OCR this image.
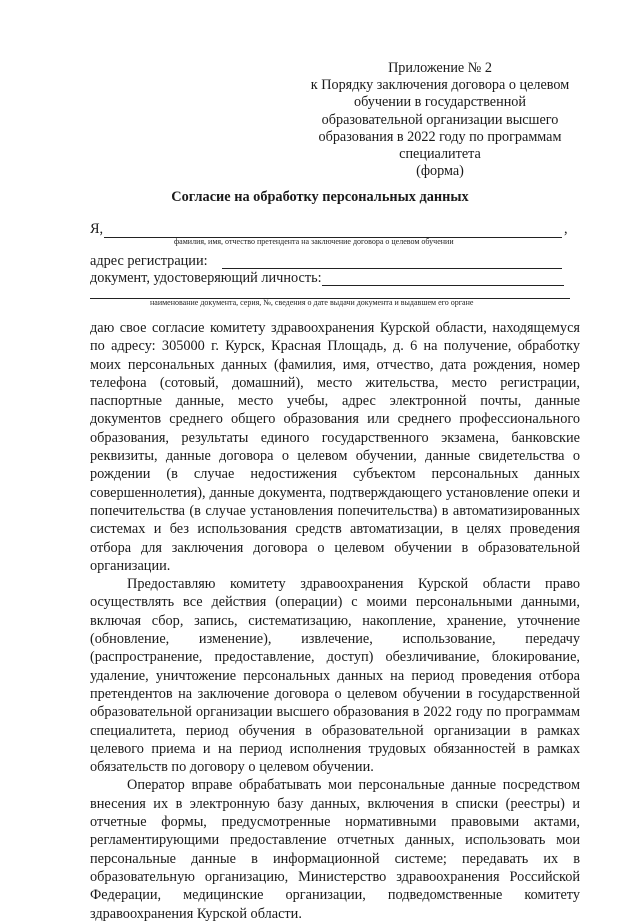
Приложение № 2
к Порядку заключения договора о целевом
обучении в государственной
образовательной организации высшего
образования в 2022 году по программам
специалитета
(форма)
Согласие на обработку персональных данных
Я,	,
фамилия, имя, отчество претендента на заключение договора о целевом обучении
адрес регистрации:
документ, удостоверяющий личность:
наименование документа, серия, №, сведения о дате выдачи документа и выдавшем его органе

даю свое согласие комитету здравоохранения Курской области, находящемуся по адресу: 305000 г. Курск, Красная Площадь, д. 6 на получение, обработку моих персональных данных (фамилия, имя, отчество, дата рождения, номер телефона (сотовый, домашний), место жительства, место регистрации, паспортные данные, место учебы, адрес электронной почты, данные документов среднего общего образования или среднего профессионального образования, результаты единого государственного экзамена, банковские реквизиты, данные договора о целевом обучении, данные свидетельства о рождении (в случае недостижения субъектом персональных данных совершеннолетия), данные документа, подтверждающего установление опеки и попечительства (в случае установления попечительства) в автоматизированных системах и без использования средств автоматизации, в целях проведения отбора для заключения договора о целевом обучении в образовательной организации.

Предоставляю комитету здравоохранения Курской области право осуществлять все действия (операции) с моими персональными данными, включая сбор, запись, систематизацию, накопление, хранение, уточнение (обновление, изменение), извлечение, использование, передачу (распространение, предоставление, доступ) обезличивание, блокирование, удаление, уничтожение персональных данных на период проведения отбора претендентов на заключение договора о целевом обучении в государственной образовательной организации высшего образования в 2022 году по программам специалитета, период обучения в образовательной организации в рамках целевого приема и на период исполнения трудовых обязанностей в рамках обязательств по договору о целевом обучении.

Оператор вправе обрабатывать мои персональные данные посредством внесения их в электронную базу данных, включения в списки (реестры) и отчетные формы, предусмотренные нормативными правовыми актами, регламентирующими предоставление отчетных данных, использовать мои персональные данные в информационной системе; передавать их в образовательную организацию, Министерство здравоохранения Российской Федерации, медицинские организации, подведомственные комитету здравоохранения Курской области.
